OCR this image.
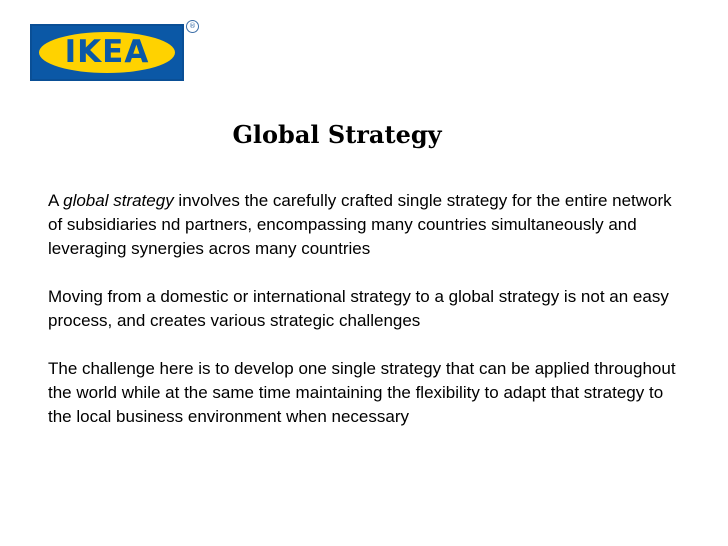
IKEA
®
Global Strategy

A global strategy involves the carefully crafted single strategy for the entire network of subsidiaries nd partners, encompassing many countries simultaneously and leveraging synergies acros many countries

Moving from a domestic or international strategy to a global strategy is not an easy process, and creates various strategic challenges

The challenge here is to develop one single strategy that can be applied throughout the world while at the same time maintaining the flexibility to adapt that strategy to the local business environment when necessary
